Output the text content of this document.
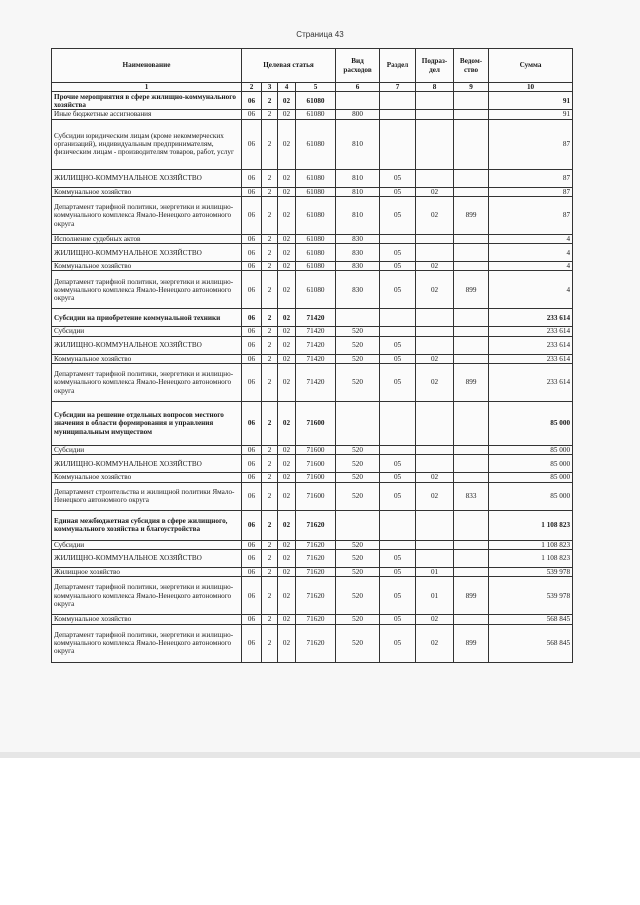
Страница 43
Наименование	Целевая статья				Вид расходов	Раздел	Подраз-дел	Ведом-ство	Сумма
1	2	3	4	5	6	7	8	9	10
Прочие мероприятия в сфере жилищно-коммунального хозяйства	06	2	02	61080					91
Иные бюджетные ассигнования	06	2	02	61080	800				91
Субсидии юридическим лицам (кроме некоммерческих организаций), индивидуальным предпринимателям, физическим лицам - производителям товаров, работ, услуг	06	2	02	61080	810				87
ЖИЛИЩНО-КОММУНАЛЬНОЕ ХОЗЯЙСТВО	06	2	02	61080	810	05			87
Коммунальное хозяйство	06	2	02	61080	810	05	02		87
Департамент тарифной политики, энергетики и жилищно-коммунального комплекса Ямало-Ненецкого автономного округа	06	2	02	61080	810	05	02	899	87
Исполнение судебных актов	06	2	02	61080	830				4
ЖИЛИЩНО-КОММУНАЛЬНОЕ ХОЗЯЙСТВО	06	2	02	61080	830	05			4
Коммунальное хозяйство	06	2	02	61080	830	05	02		4
Департамент тарифной политики, энергетики и жилищно-коммунального комплекса Ямало-Ненецкого автономного округа	06	2	02	61080	830	05	02	899	4
Субсидии на приобретение коммунальной техники	06	2	02	71420					233 614
Субсидии	06	2	02	71420	520				233 614
ЖИЛИЩНО-КОММУНАЛЬНОЕ ХОЗЯЙСТВО	06	2	02	71420	520	05			233 614
Коммунальное хозяйство	06	2	02	71420	520	05	02		233 614
Департамент тарифной политики, энергетики и жилищно-коммунального комплекса Ямало-Ненецкого автономного округа	06	2	02	71420	520	05	02	899	233 614
Субсидии на решение отдельных вопросов местного значения в области формирования и управления муниципальным имуществом	06	2	02	71600					85 000
Субсидии	06	2	02	71600	520				85 000
ЖИЛИЩНО-КОММУНАЛЬНОЕ ХОЗЯЙСТВО	06	2	02	71600	520	05			85 000
Коммунальное хозяйство	06	2	02	71600	520	05	02		85 000
Департамент строительства и жилищной политики Ямало-Ненецкого автономного округа	06	2	02	71600	520	05	02	833	85 000
Единая межбюджетная субсидия в сфере жилищного, коммунального хозяйства и благоустройства	06	2	02	71620					1 108 823
Субсидии	06	2	02	71620	520				1 108 823
ЖИЛИЩНО-КОММУНАЛЬНОЕ ХОЗЯЙСТВО	06	2	02	71620	520	05			1 108 823
Жилищное хозяйство	06	2	02	71620	520	05	01		539 978
Департамент тарифной политики, энергетики и жилищно-коммунального комплекса Ямало-Ненецкого автономного округа	06	2	02	71620	520	05	01	899	539 978
Коммунальное хозяйство	06	2	02	71620	520	05	02		568 845
Департамент тарифной политики, энергетики и жилищно-коммунального комплекса Ямало-Ненецкого автономного округа	06	2	02	71620	520	05	02	899	568 845
